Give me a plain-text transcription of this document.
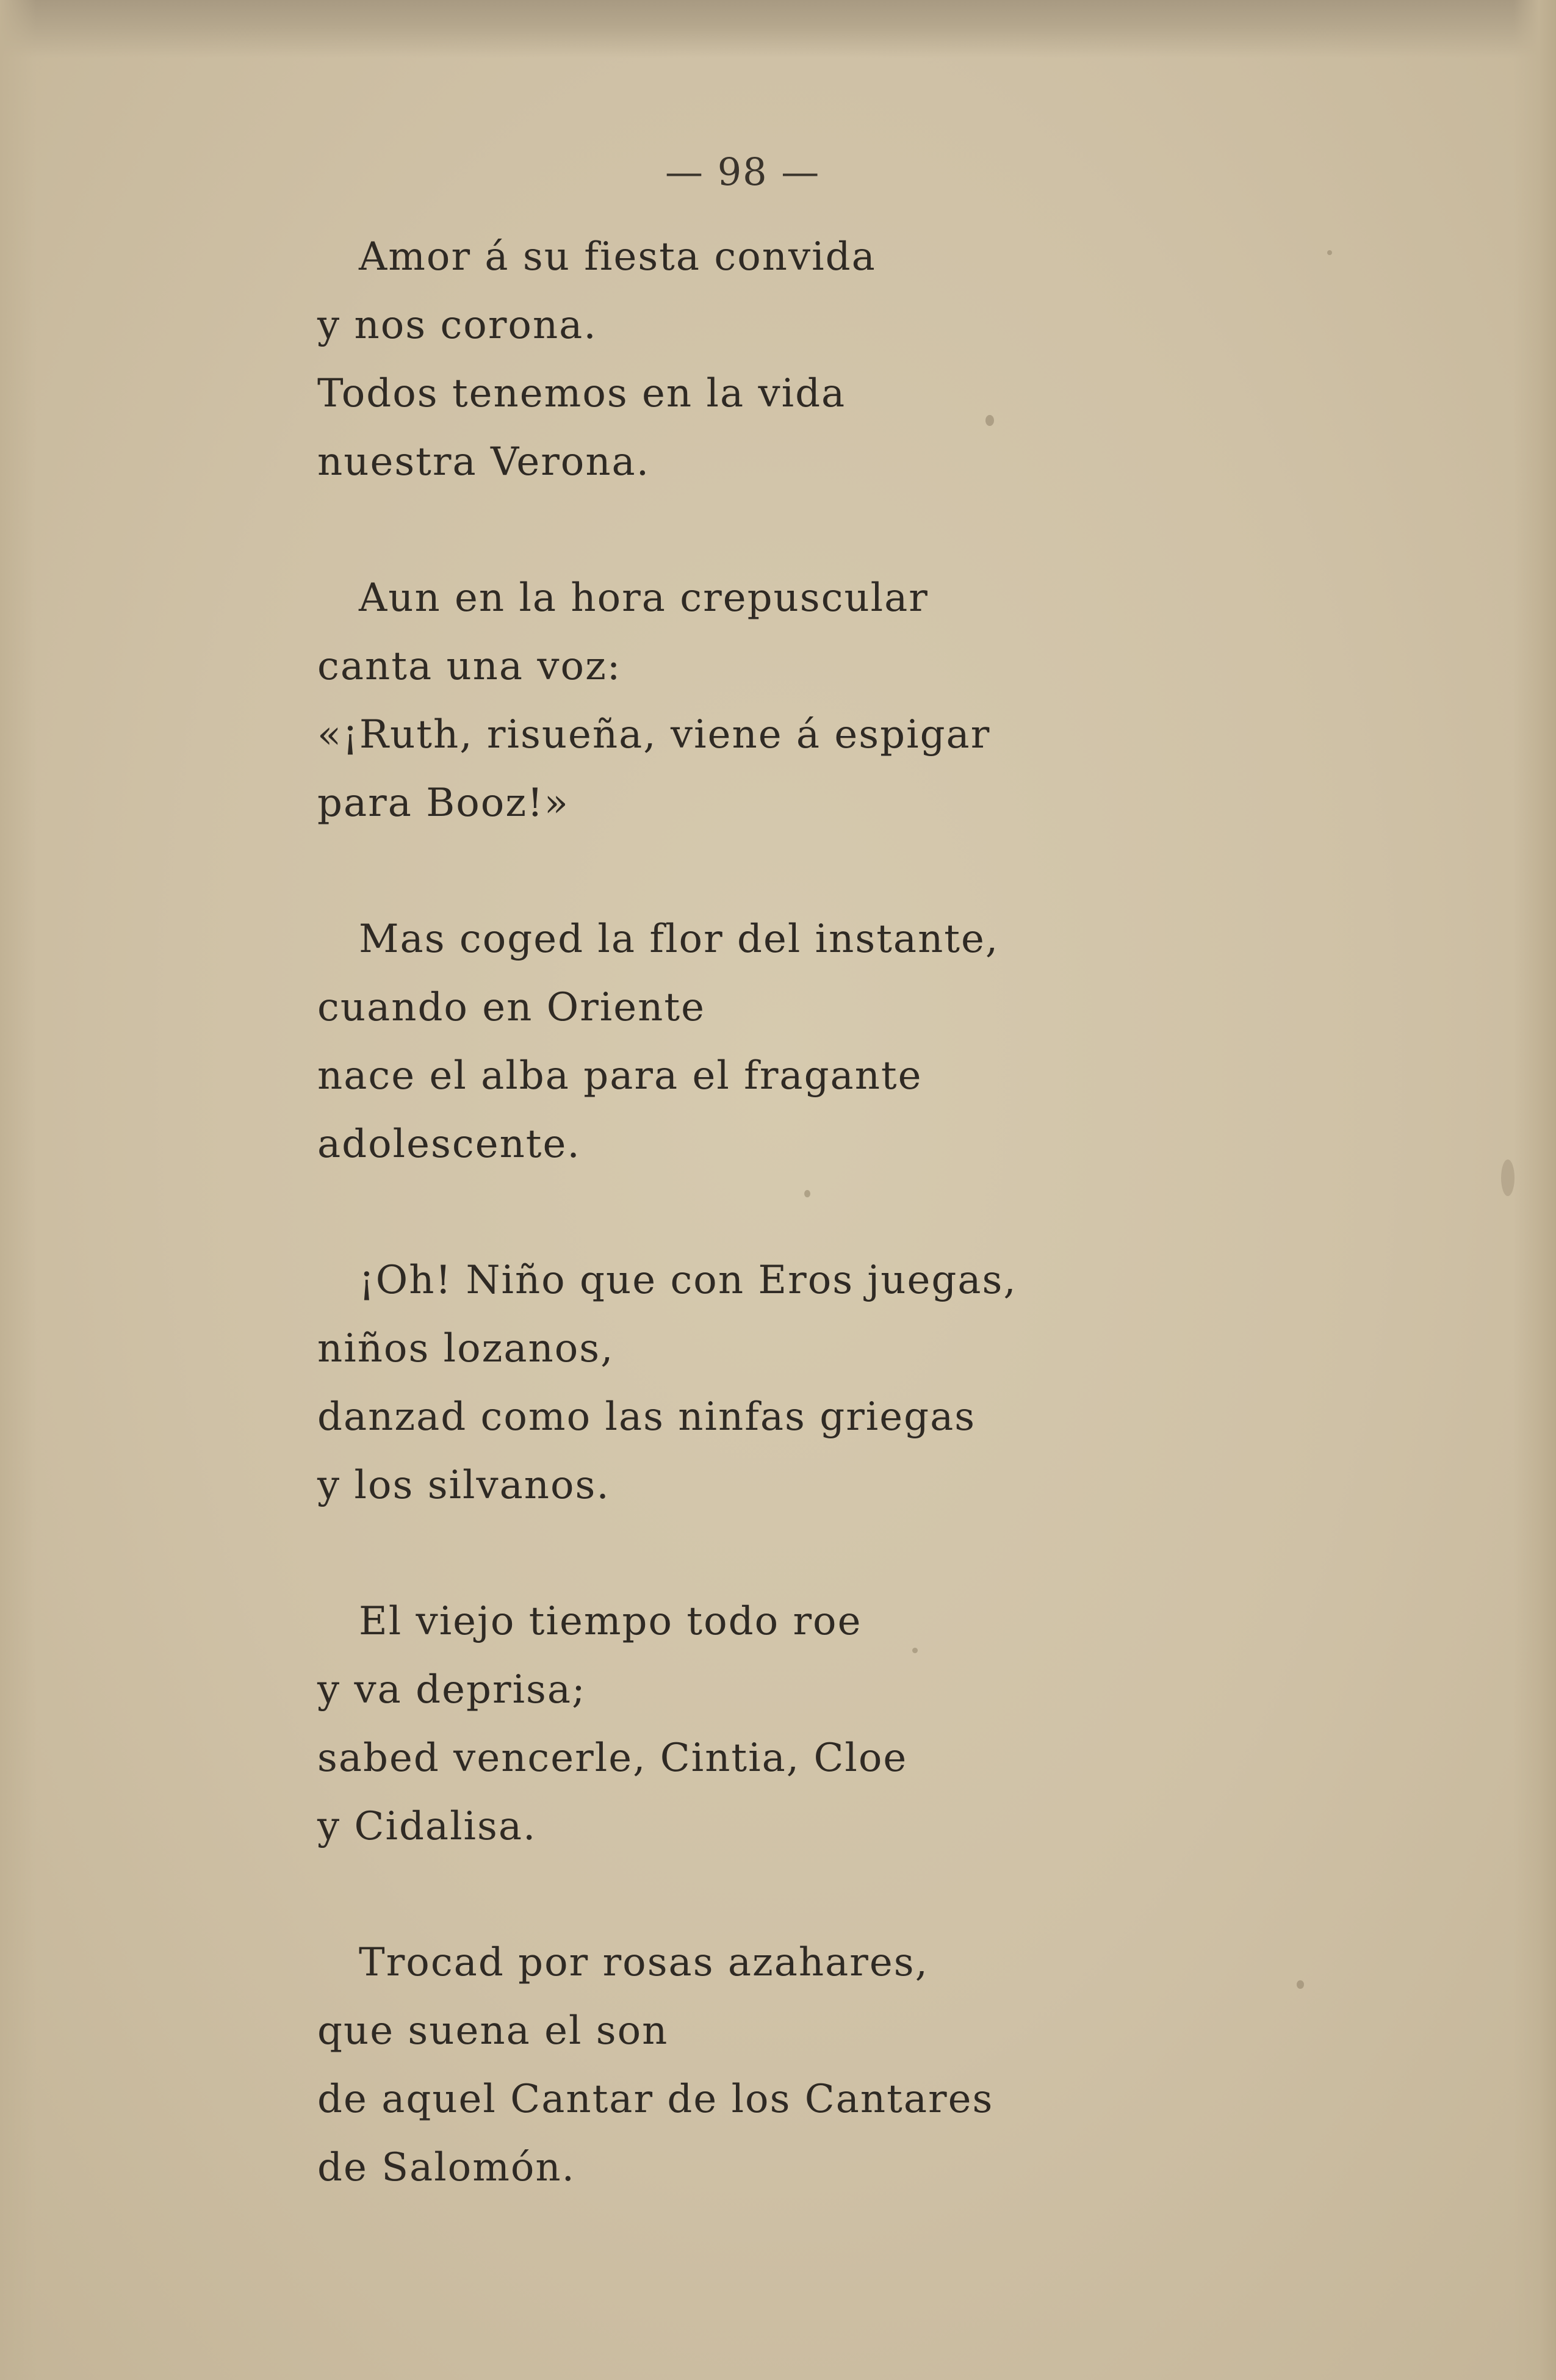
— 98 —
Amor á su fiesta convida
y nos corona.
Todos tenemos en la vida
nuestra Verona.
Aun en la hora crepuscular
canta una voz:
«¡Ruth, risueña, viene á espigar
para Booz!»
Mas coged la flor del instante,
cuando en Oriente
nace el alba para el fragante
adolescente.
¡Oh! Niño que con Eros juegas,
niños lozanos,
danzad como las ninfas griegas
y los silvanos.
El viejo tiempo todo roe
y va deprisa;
sabed vencerle, Cintia, Cloe
y Cidalisa.
Trocad por rosas azahares,
que suena el son
de aquel Cantar de los Cantares
de Salomón.
